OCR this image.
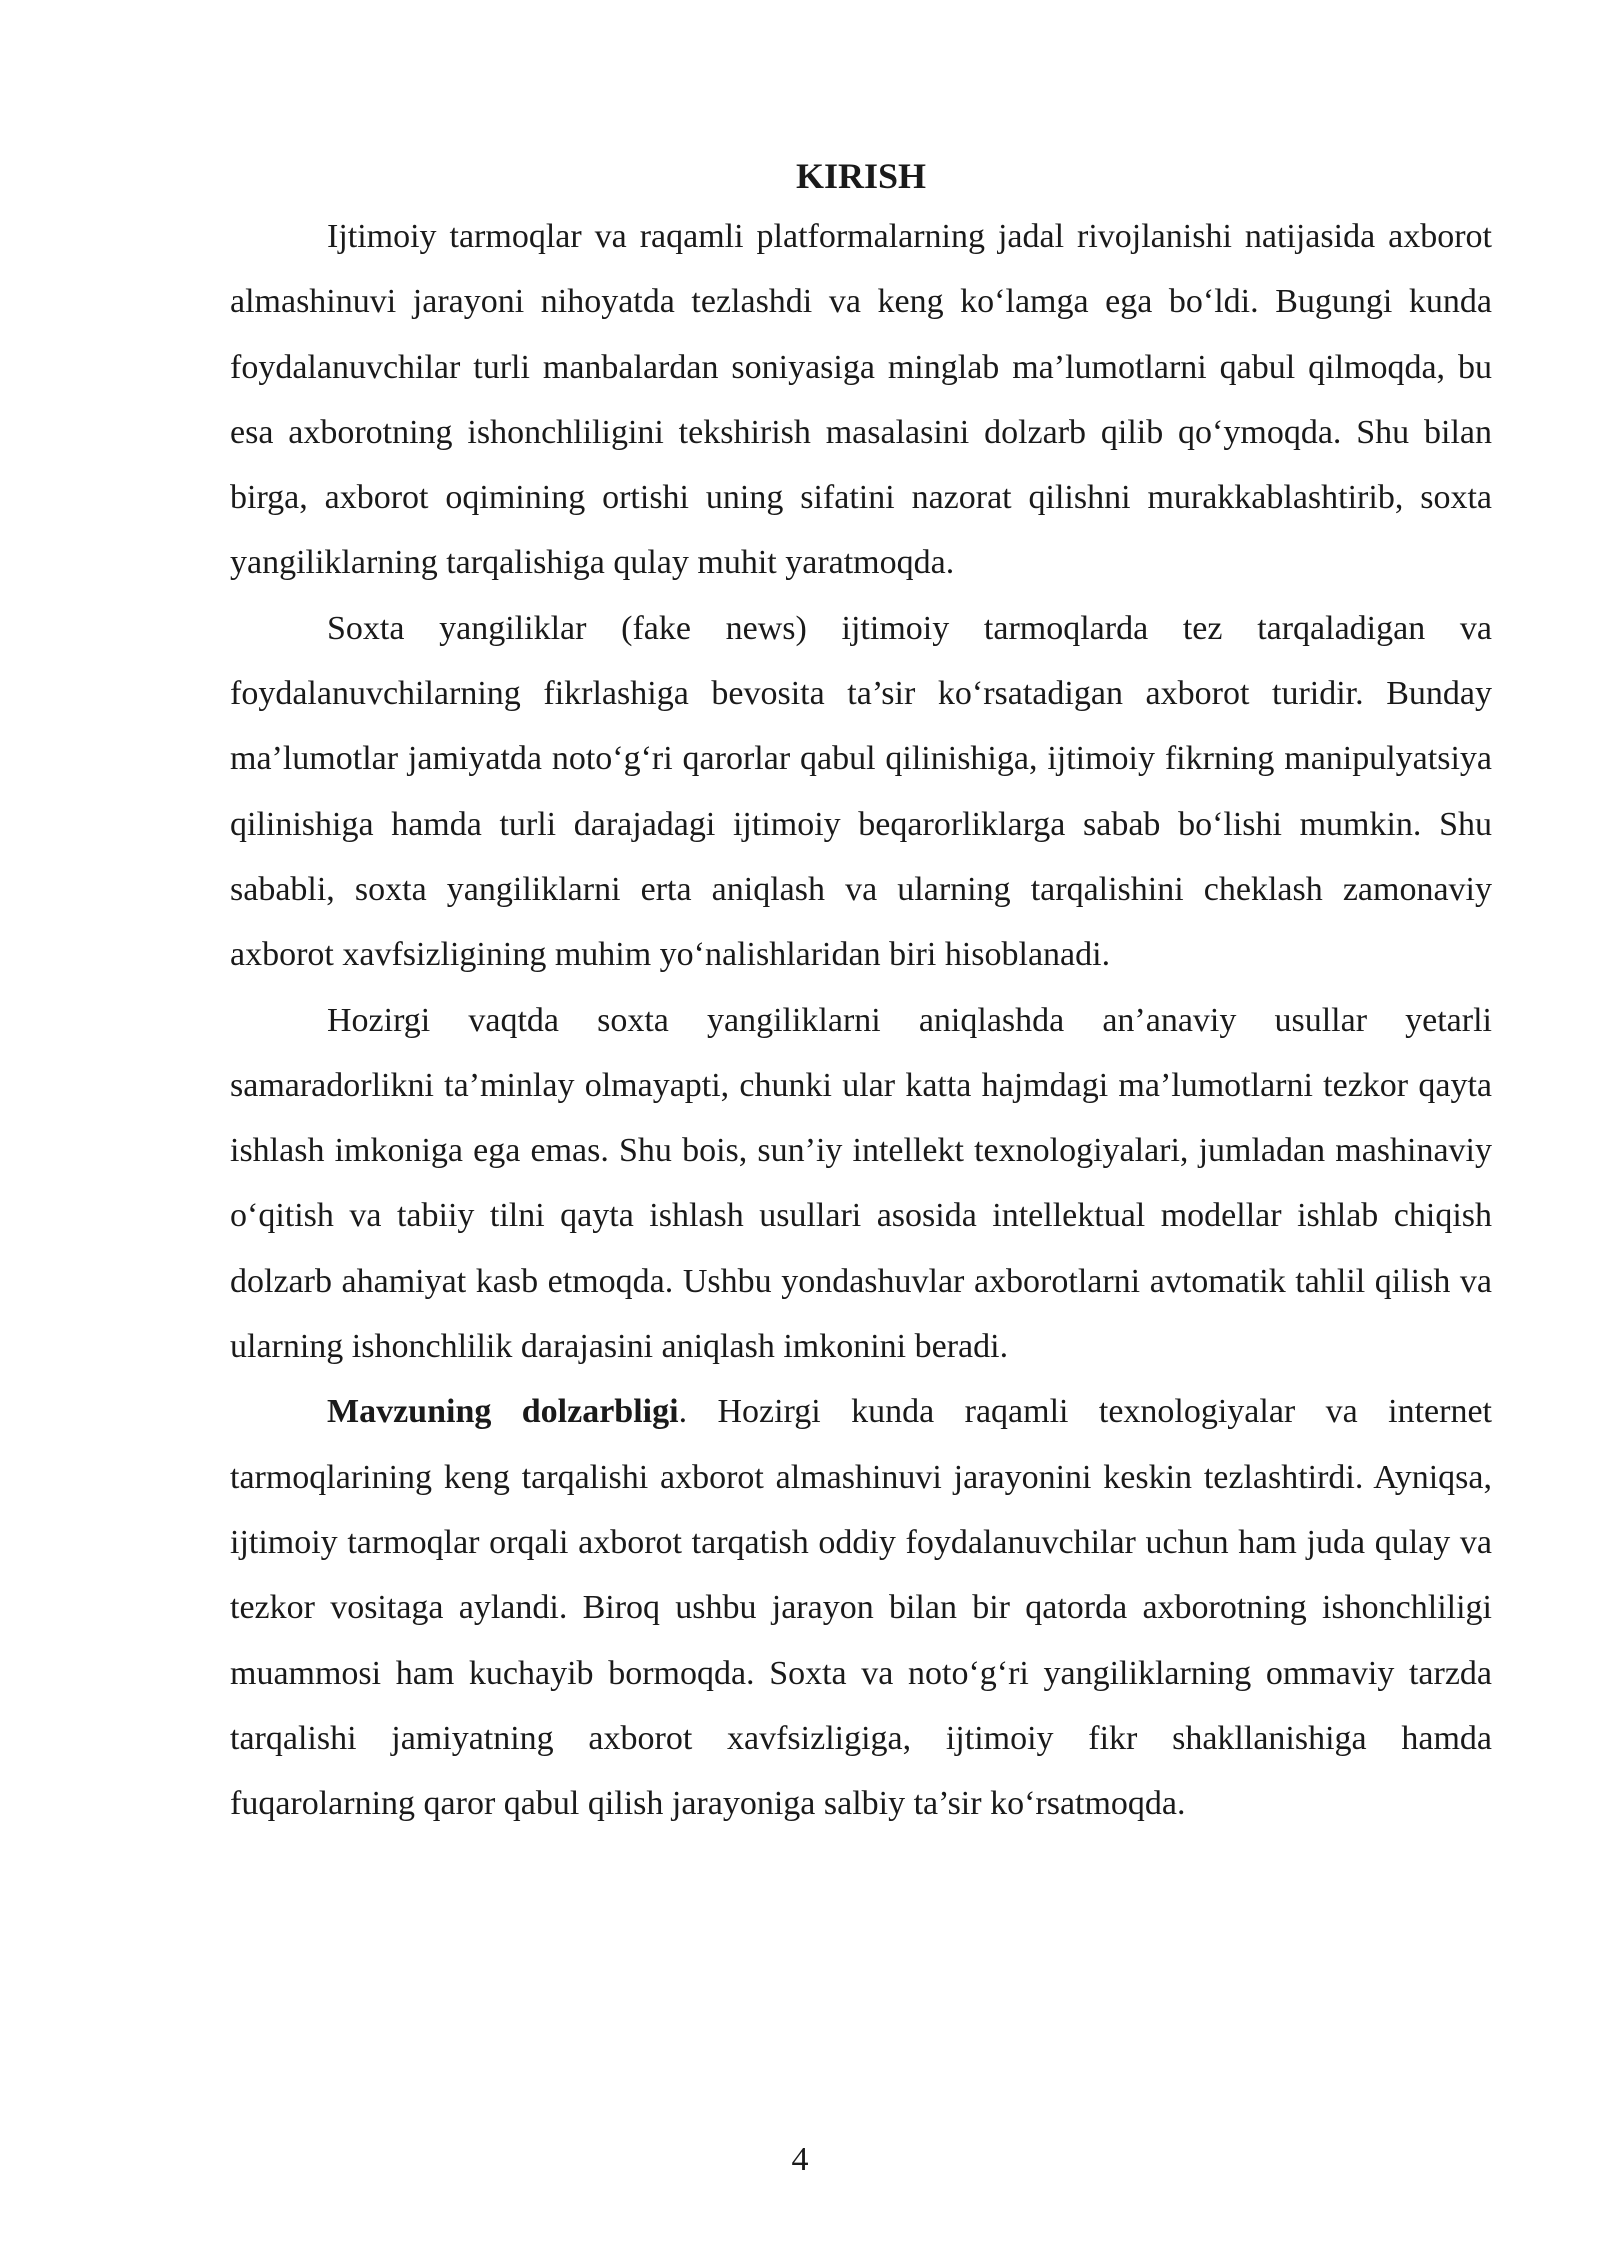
KIRISH

Ijtimoiy tarmoqlar va raqamli platformalarning jadal rivojlanishi natijasida axborot almashinuvi jarayoni nihoyatda tezlashdi va keng ko‘lamga ega bo‘ldi. Bugungi kunda foydalanuvchilar turli manbalardan soniyasiga minglab ma’lumotlarni qabul qilmoqda, bu esa axborotning ishonchliligini tekshirish masalasini dolzarb qilib qo‘ymoqda. Shu bilan birga, axborot oqimining ortishi uning sifatini nazorat qilishni murakkablashtirib, soxta yangiliklarning tarqalishiga qulay muhit yaratmoqda.

Soxta yangiliklar (fake news) ijtimoiy tarmoqlarda tez tarqaladigan va foydalanuvchilarning fikrlashiga bevosita ta’sir ko‘rsatadigan axborot turidir. Bunday ma’lumotlar jamiyatda noto‘g‘ri qarorlar qabul qilinishiga, ijtimoiy fikrning manipulyatsiya qilinishiga hamda turli darajadagi ijtimoiy beqarorliklarga sabab bo‘lishi mumkin. Shu sababli, soxta yangiliklarni erta aniqlash va ularning tarqalishini cheklash zamonaviy axborot xavfsizligining muhim yo‘nalishlaridan biri hisoblanadi.

Hozirgi vaqtda soxta yangiliklarni aniqlashda an’anaviy usullar yetarli samaradorlikni ta’minlay olmayapti, chunki ular katta hajmdagi ma’lumotlarni tezkor qayta ishlash imkoniga ega emas. Shu bois, sun’iy intellekt texnologiyalari, jumladan mashinaviy o‘qitish va tabiiy tilni qayta ishlash usullari asosida intellektual modellar ishlab chiqish dolzarb ahamiyat kasb etmoqda. Ushbu yondashuvlar axborotlarni avtomatik tahlil qilish va ularning ishonchlilik darajasini aniqlash imkonini beradi.

Mavzuning dolzarbligi. Hozirgi kunda raqamli texnologiyalar va internet tarmoqlarining keng tarqalishi axborot almashinuvi jarayonini keskin tezlashtirdi. Ayniqsa, ijtimoiy tarmoqlar orqali axborot tarqatish oddiy foydalanuvchilar uchun ham juda qulay va tezkor vositaga aylandi. Biroq ushbu jarayon bilan bir qatorda axborotning ishonchliligi muammosi ham kuchayib bormoqda. Soxta va noto‘g‘ri yangiliklarning ommaviy tarzda tarqalishi jamiyatning axborot xavfsizligiga, ijtimoiy fikr shakllanishiga hamda fuqarolarning qaror qabul qilish jarayoniga salbiy ta’sir ko‘rsatmoqda.

4
